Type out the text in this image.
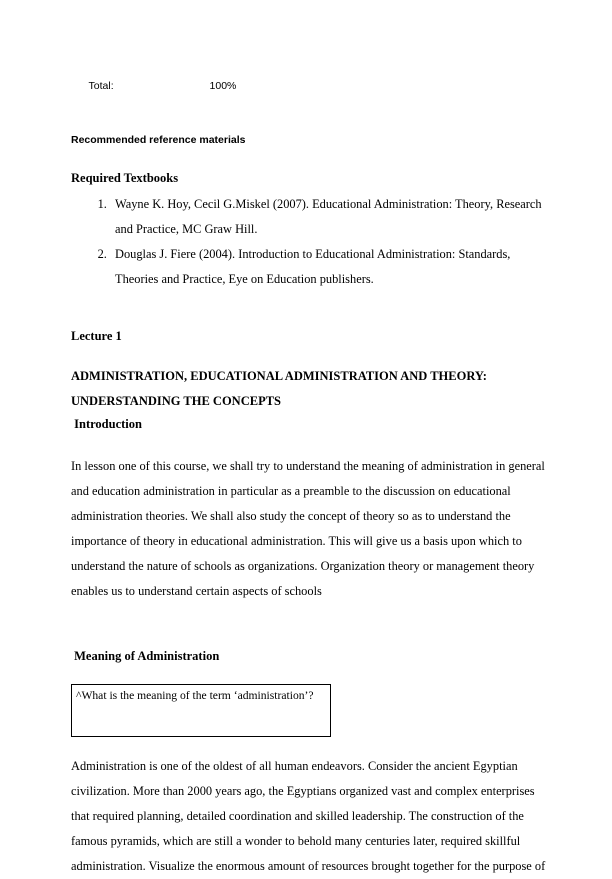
Total:	100%

Recommended reference materials
Required Textbooks
1. Wayne K. Hoy, Cecil G.Miskel (2007). Educational Administration: Theory, Research and Practice, MC Graw Hill.
2. Douglas J. Fiere (2004). Introduction to Educational Administration: Standards, Theories and Practice, Eye on Education publishers.
Lecture 1
ADMINISTRATION, EDUCATIONAL ADMINISTRATION AND THEORY: UNDERSTANDING THE CONCEPTS
Introduction

In lesson one of this course, we shall try to understand the meaning of administration in general and education administration in particular as a preamble to the discussion on educational administration theories. We shall also study the concept of theory so as to understand the importance of theory in educational administration. This will give us a basis upon which to understand the nature of schools as organizations. Organization theory or management theory enables us to understand certain aspects of schools

Meaning of Administration

^What is the meaning of the term ‘administration’?

Administration is one of the oldest of all human endeavors. Consider the ancient Egyptian civilization. More than 2000 years ago, the Egyptians organized vast and complex enterprises that required planning, detailed coordination and skilled leadership. The construction of the famous pyramids, which are still a wonder to behold many centuries later, required skillful administration. Visualize the enormous amount of resources brought together for the purpose of
